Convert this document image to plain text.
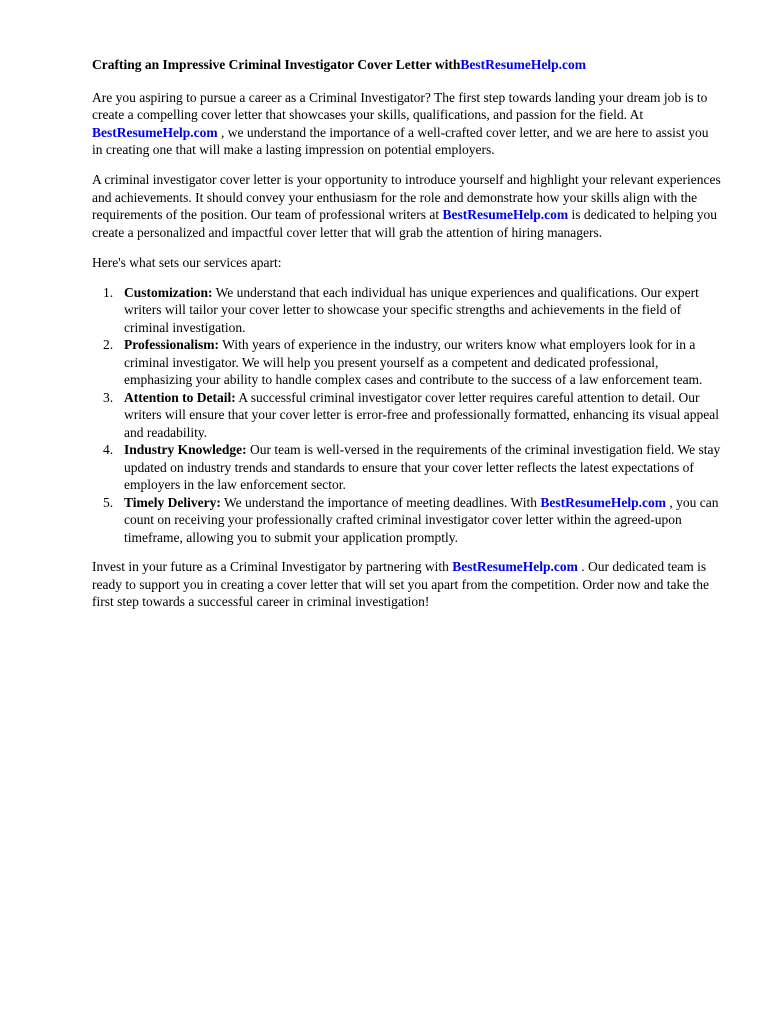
Crafting an Impressive Criminal Investigator Cover Letter withBestResumeHelp.com

Are you aspiring to pursue a career as a Criminal Investigator? The first step towards landing your dream job is to create a compelling cover letter that showcases your skills, qualifications, and passion for the field. At BestResumeHelp.com , we understand the importance of a well-crafted cover letter, and we are here to assist you in creating one that will make a lasting impression on potential employers.

A criminal investigator cover letter is your opportunity to introduce yourself and highlight your relevant experiences and achievements. It should convey your enthusiasm for the role and demonstrate how your skills align with the requirements of the position. Our team of professional writers at BestResumeHelp.com is dedicated to helping you create a personalized and impactful cover letter that will grab the attention of hiring managers.

Here's what sets our services apart:

1. Customization: We understand that each individual has unique experiences and qualifications. Our expert writers will tailor your cover letter to showcase your specific strengths and achievements in the field of criminal investigation.
2. Professionalism: With years of experience in the industry, our writers know what employers look for in a criminal investigator. We will help you present yourself as a competent and dedicated professional, emphasizing your ability to handle complex cases and contribute to the success of a law enforcement team.
3. Attention to Detail: A successful criminal investigator cover letter requires careful attention to detail. Our writers will ensure that your cover letter is error-free and professionally formatted, enhancing its visual appeal and readability.
4. Industry Knowledge: Our team is well-versed in the requirements of the criminal investigation field. We stay updated on industry trends and standards to ensure that your cover letter reflects the latest expectations of employers in the law enforcement sector.
5. Timely Delivery: We understand the importance of meeting deadlines. With BestResumeHelp.com , you can count on receiving your professionally crafted criminal investigator cover letter within the agreed-upon timeframe, allowing you to submit your application promptly.

Invest in your future as a Criminal Investigator by partnering with BestResumeHelp.com . Our dedicated team is ready to support you in creating a cover letter that will set you apart from the competition. Order now and take the first step towards a successful career in criminal investigation!
